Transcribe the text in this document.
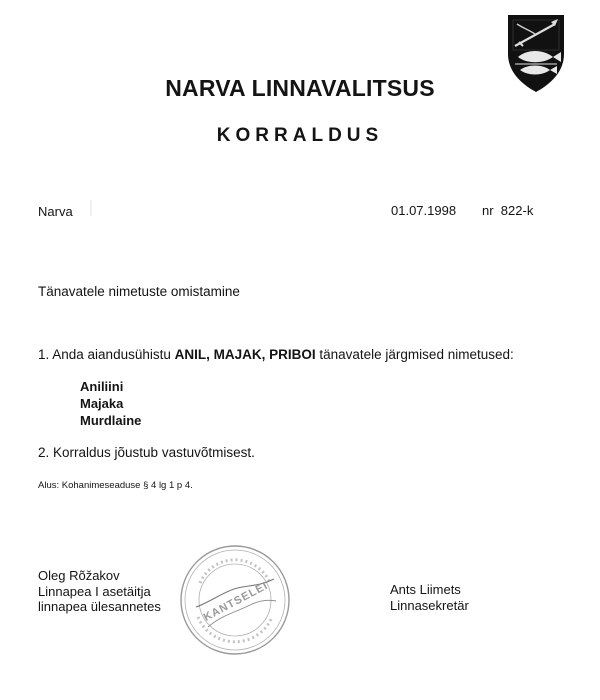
NARVA LINNAVALITSUS
KORRALDUS
Narva	01.07.1998 nr 822-k
Tänavatele nimetuste omistamine
1. Anda aiandusühistu ANIL, MAJAK, PRIBOI tänavatele järgmised nimetused:
Aniliini
Majaka
Murdlaine
2. Korraldus jõustub vastuvõtmisest.
Alus: Kohanimeseaduse § 4 lg 1 p 4.
Oleg Rõžakov
Linnapea I asetäitja
linnapea ülesannetes	KANTSELEI	Ants Liimets
Linnasekretär
